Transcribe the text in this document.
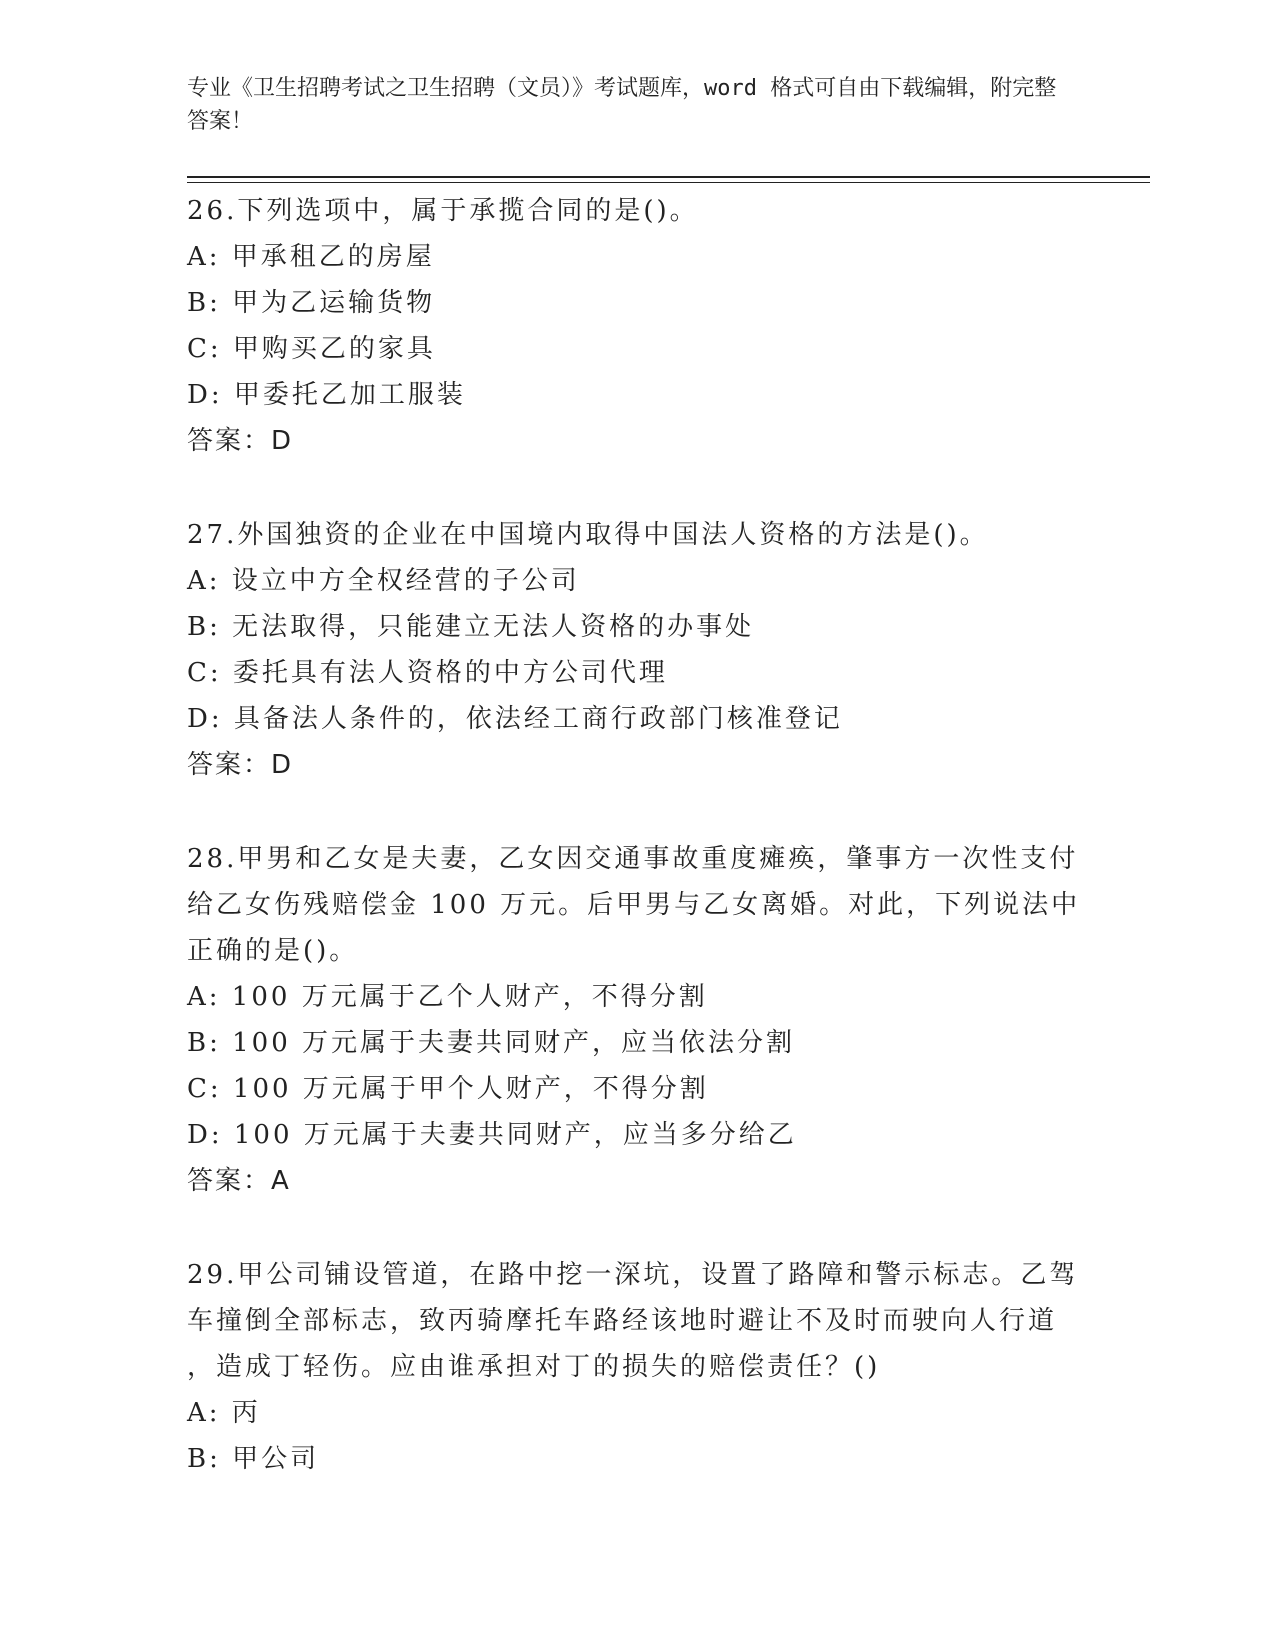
专业《卫生招聘考试之卫生招聘（文员）》考试题库，word 格式可自由下载编辑，附完整答案！

26.下列选项中，属于承揽合同的是()。

A: 甲承租乙的房屋

B: 甲为乙运输货物

C: 甲购买乙的家具

D: 甲委托乙加工服装

答案：D

27.外国独资的企业在中国境内取得中国法人资格的方法是()。

A: 设立中方全权经营的子公司

B: 无法取得，只能建立无法人资格的办事处

C: 委托具有法人资格的中方公司代理

D: 具备法人条件的，依法经工商行政部门核准登记

答案：D

28.甲男和乙女是夫妻，乙女因交通事故重度瘫痪，肇事方一次性支付

给乙女伤残赔偿金 100 万元。后甲男与乙女离婚。对此，下列说法中

正确的是()。

A: 100 万元属于乙个人财产，不得分割

B: 100 万元属于夫妻共同财产，应当依法分割

C: 100 万元属于甲个人财产，不得分割

D: 100 万元属于夫妻共同财产，应当多分给乙

答案：A

29.甲公司铺设管道，在路中挖一深坑，设置了路障和警示标志。乙驾

车撞倒全部标志，致丙骑摩托车路经该地时避让不及时而驶向人行道

，造成丁轻伤。应由谁承担对丁的损失的赔偿责任？()

A: 丙

B: 甲公司
